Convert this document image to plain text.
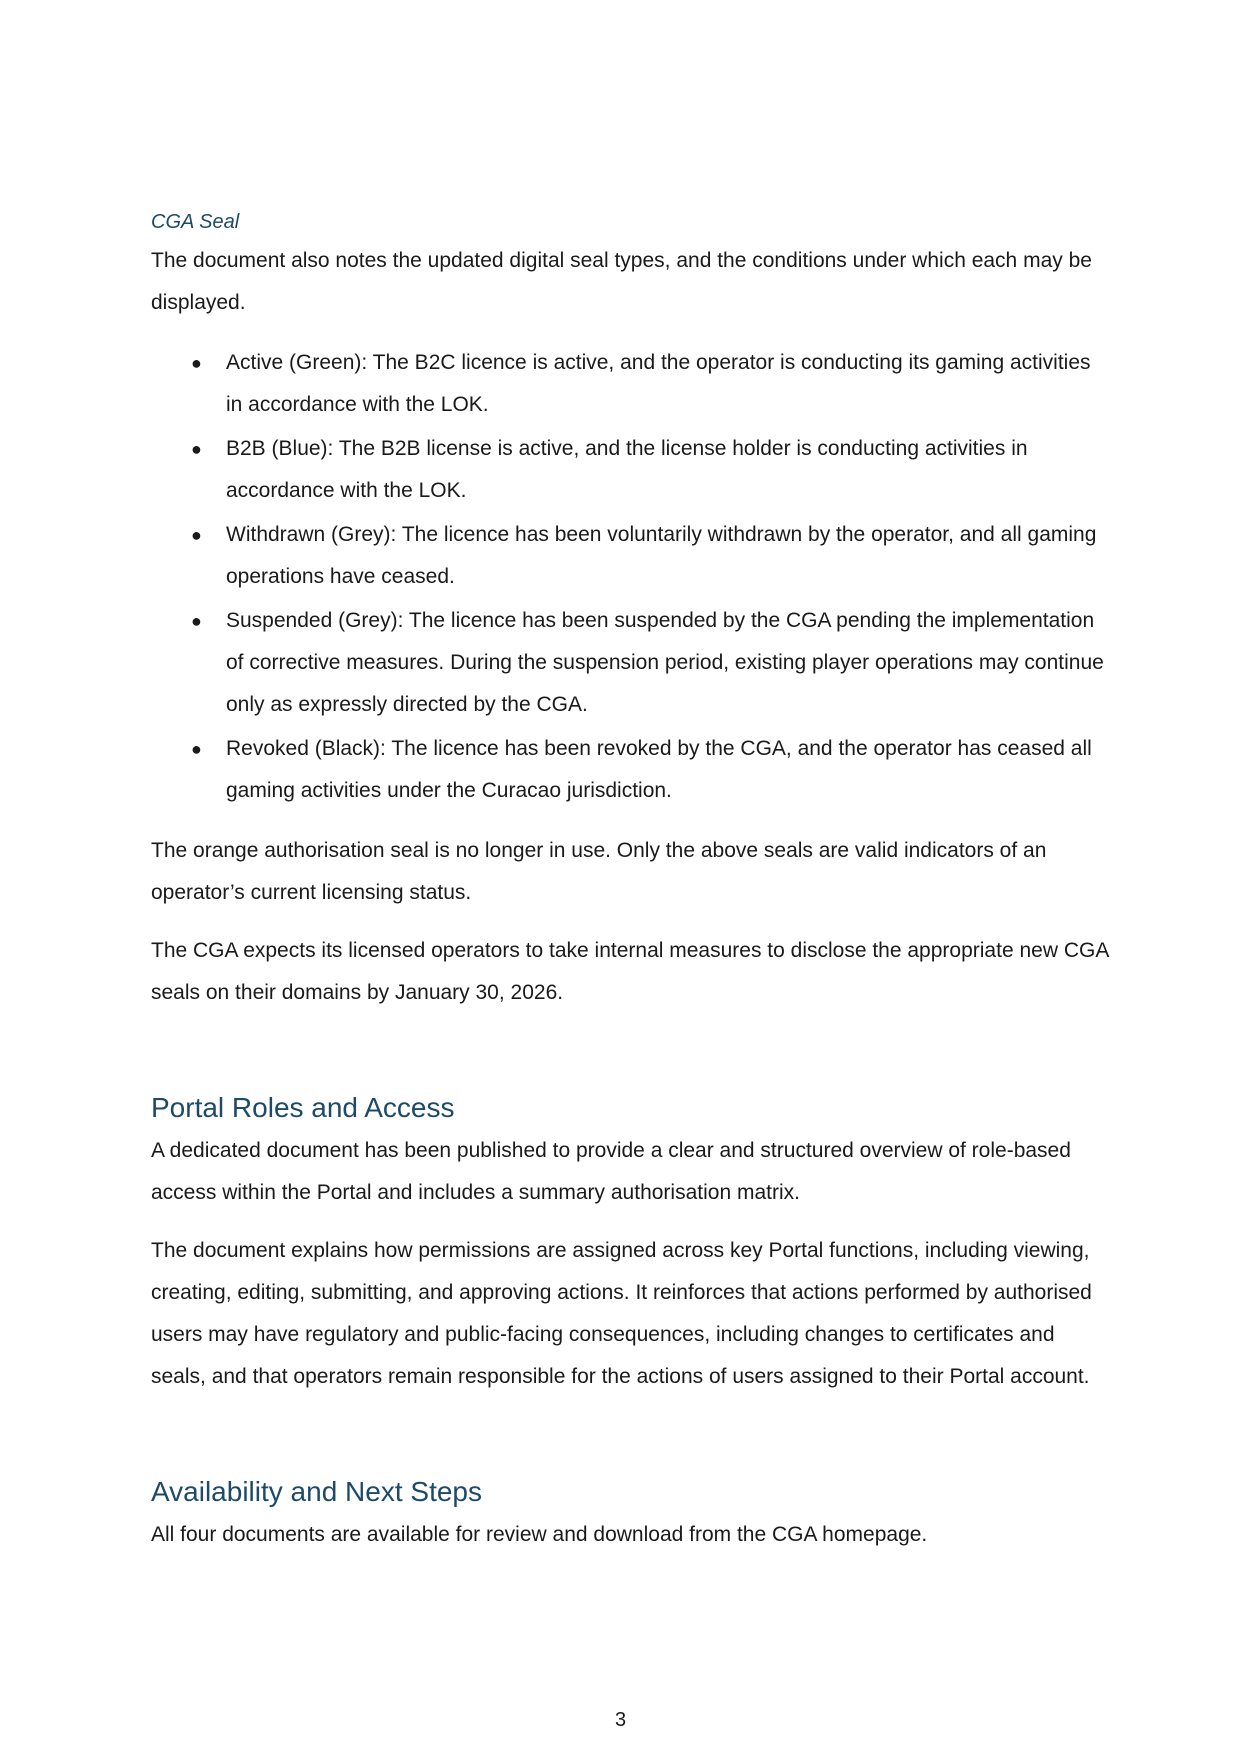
CGA Seal

The document also notes the updated digital seal types, and the conditions under which each may be displayed.

● Active (Green): The B2C licence is active, and the operator is conducting its gaming activities in accordance with the LOK.
● B2B (Blue): The B2B license is active, and the license holder is conducting activities in accordance with the LOK.
● Withdrawn (Grey): The licence has been voluntarily withdrawn by the operator, and all gaming operations have ceased.
● Suspended (Grey): The licence has been suspended by the CGA pending the implementation of corrective measures. During the suspension period, existing player operations may continue only as expressly directed by the CGA.
● Revoked (Black): The licence has been revoked by the CGA, and the operator has ceased all gaming activities under the Curacao jurisdiction.

The orange authorisation seal is no longer in use. Only the above seals are valid indicators of an operator’s current licensing status.

The CGA expects its licensed operators to take internal measures to disclose the appropriate new CGA seals on their domains by January 30, 2026.

Portal Roles and Access

A dedicated document has been published to provide a clear and structured overview of role-based access within the Portal and includes a summary authorisation matrix.

The document explains how permissions are assigned across key Portal functions, including viewing, creating, editing, submitting, and approving actions. It reinforces that actions performed by authorised users may have regulatory and public-facing consequences, including changes to certificates and seals, and that operators remain responsible for the actions of users assigned to their Portal account.

Availability and Next Steps

All four documents are available for review and download from the CGA homepage.

3
